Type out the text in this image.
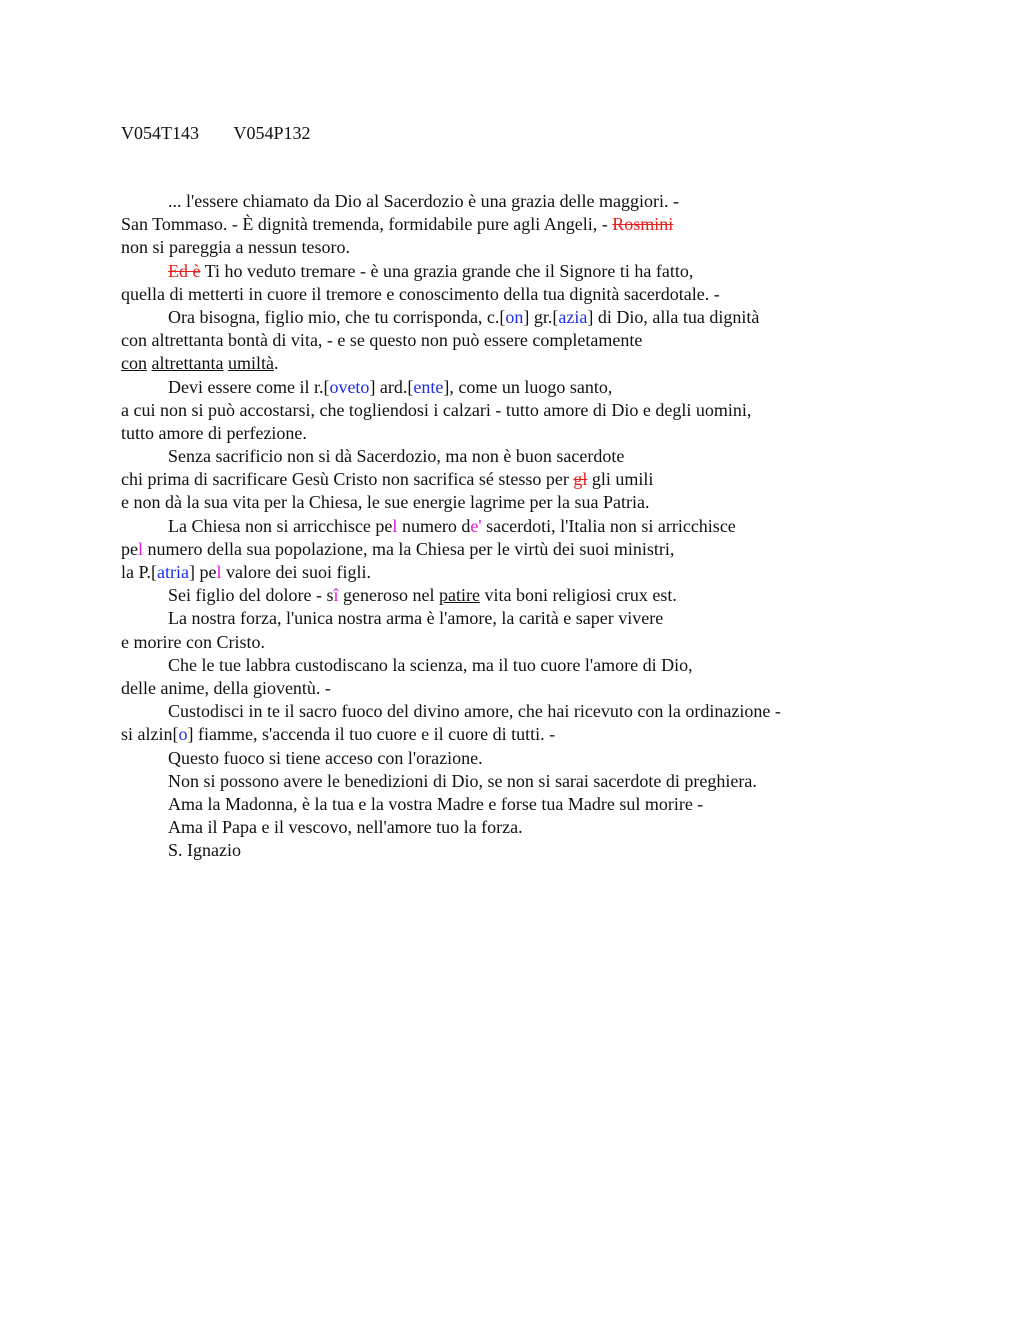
V054T143 V054P132
... l'essere chiamato da Dio al Sacerdozio è una grazia delle maggiori. -
San Tommaso. - È dignità tremenda, formidabile pure agli Angeli, - Rosmini
non si pareggia a nessun tesoro.
Ed è Ti ho veduto tremare - è una grazia grande che il Signore ti ha fatto,
quella di metterti in cuore il tremore e conoscimento della tua dignità sacerdotale. -
Ora bisogna, figlio mio, che tu corrisponda, c.[on] gr.[azia] di Dio, alla tua dignità
con altrettanta bontà di vita, - e se questo non può essere completamente
con altrettanta umiltà.
Devi essere come il r.[oveto] ard.[ente], come un luogo santo,
a cui non si può accostarsi, che togliendosi i calzari - tutto amore di Dio e degli uomini,
tutto amore di perfezione.
Senza sacrificio non si dà Sacerdozio, ma non è buon sacerdote
chi prima di sacrificare Gesù Cristo non sacrifica sé stesso per gl gli umili
e non dà la sua vita per la Chiesa, le sue energie lagrime per la sua Patria.
La Chiesa non si arricchisce pel numero de' sacerdoti, l'Italia non si arricchisce
pel numero della sua popolazione, ma la Chiesa per le virtù dei suoi ministri,
la P.[atria] pel valore dei suoi figli.
Sei figlio del dolore - sî generoso nel patire vita boni religiosi crux est.
La nostra forza, l'unica nostra arma è l'amore, la carità e saper vivere
e morire con Cristo.
Che le tue labbra custodiscano la scienza, ma il tuo cuore l'amore di Dio,
delle anime, della gioventù. -
Custodisci in te il sacro fuoco del divino amore, che hai ricevuto con la ordinazione -
si alzin[o] fiamme, s'accenda il tuo cuore e il cuore di tutti. -
Questo fuoco si tiene acceso con l'orazione.
Non si possono avere le benedizioni di Dio, se non si sarai sacerdote di preghiera.
Ama la Madonna, è la tua e la vostra Madre e forse tua Madre sul morire -
Ama il Papa e il vescovo, nell'amore tuo la forza.
S. Ignazio
